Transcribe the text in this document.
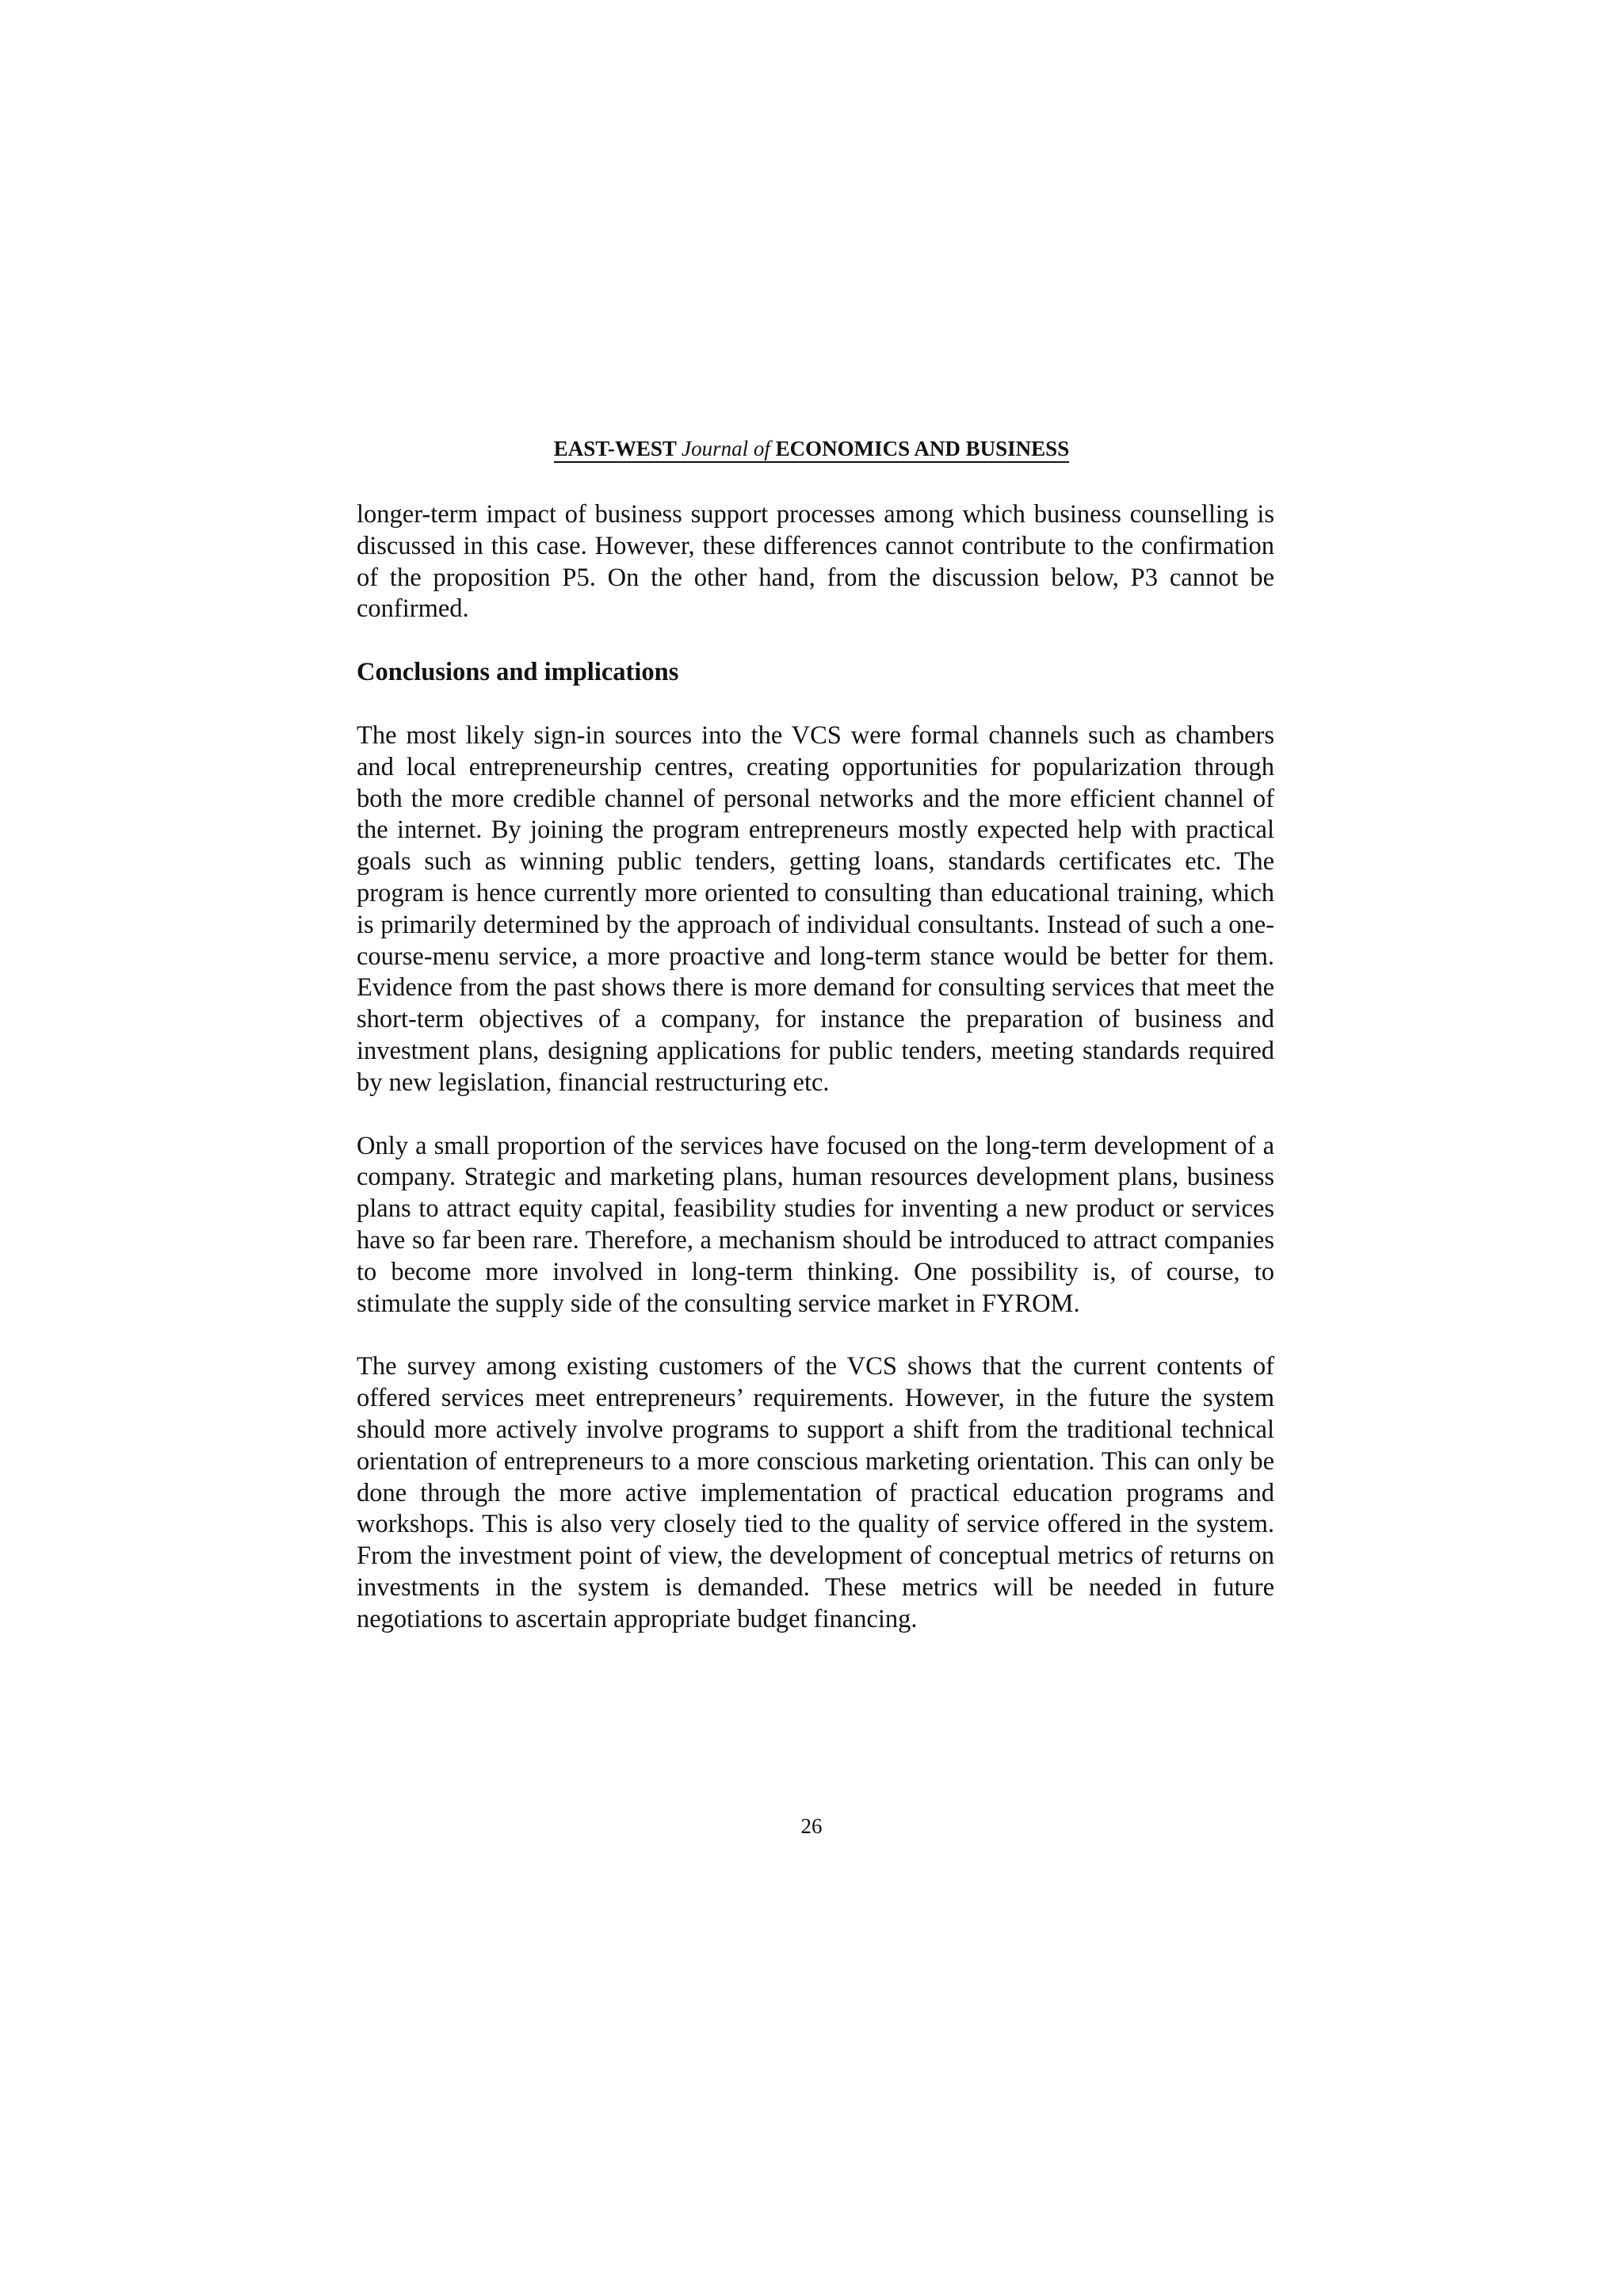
EAST-WEST Journal of ECONOMICS AND BUSINESS

longer-term impact of business support processes among which business counselling is discussed in this case. However, these differences cannot contribute to the confirmation of the proposition P5. On the other hand, from the discussion below, P3 cannot be confirmed.

Conclusions and implications

The most likely sign-in sources into the VCS were formal channels such as chambers and local entrepreneurship centres, creating opportunities for popularization through both the more credible channel of personal networks and the more efficient channel of the internet. By joining the program entrepreneurs mostly expected help with practical goals such as winning public tenders, getting loans, standards certificates etc. The program is hence currently more oriented to consulting than educational training, which is primarily determined by the approach of individual consultants. Instead of such a one-course-menu service, a more proactive and long-term stance would be better for them. Evidence from the past shows there is more demand for consulting services that meet the short-term objectives of a company, for instance the preparation of business and investment plans, designing applications for public tenders, meeting standards required by new legislation, financial restructuring etc.

Only a small proportion of the services have focused on the long-term development of a company. Strategic and marketing plans, human resources development plans, business plans to attract equity capital, feasibility studies for inventing a new product or services have so far been rare. Therefore, a mechanism should be introduced to attract companies to become more involved in long-term thinking. One possibility is, of course, to stimulate the supply side of the consulting service market in FYROM.

The survey among existing customers of the VCS shows that the current contents of offered services meet entrepreneurs’ requirements. However, in the future the system should more actively involve programs to support a shift from the traditional technical orientation of entrepreneurs to a more conscious marketing orientation. This can only be done through the more active implementation of practical education programs and workshops. This is also very closely tied to the quality of service offered in the system. From the investment point of view, the development of conceptual metrics of returns on investments in the system is demanded. These metrics will be needed in future negotiations to ascertain appropriate budget financing.

26
